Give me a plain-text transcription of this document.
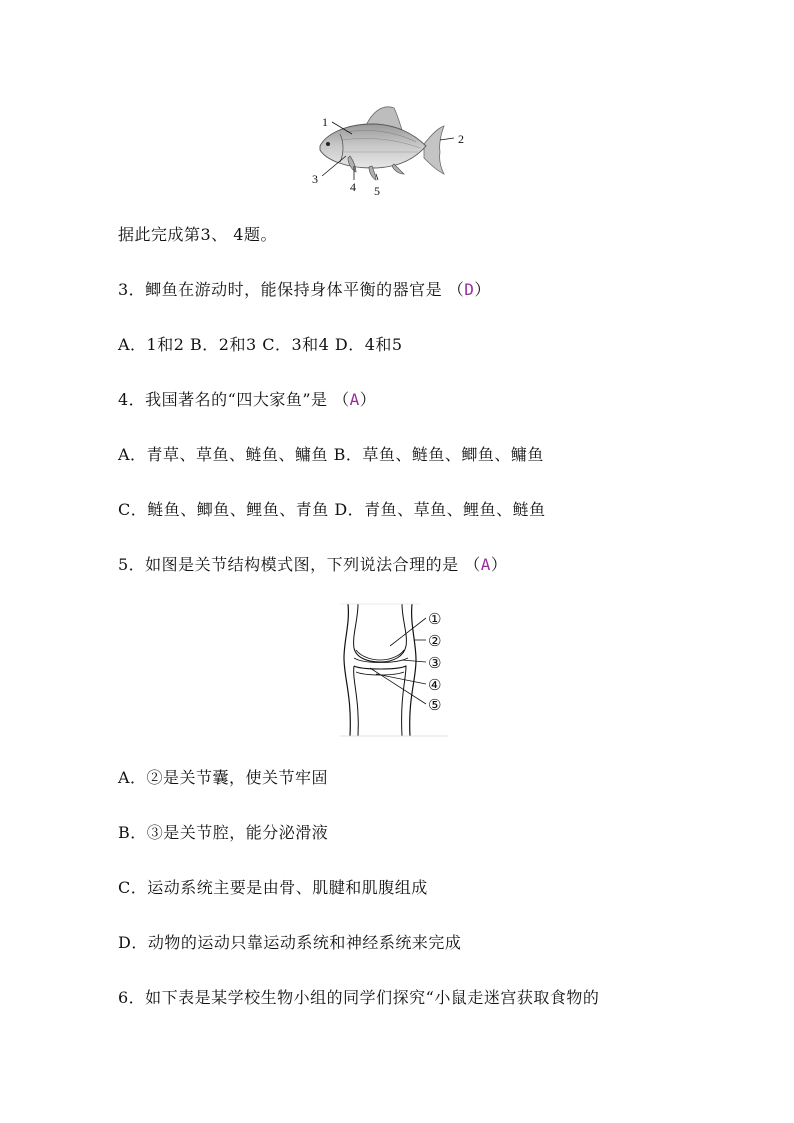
1
2
3
4 5
据此完成第3、 4题。
3．鲫鱼在游动时，能保持身体平衡的器官是 （D）
A．1和2 B．2和3 C．3和4 D．4和5
4．我国著名的“四大家鱼”是 （A）
A．青草、草鱼、鲢鱼、鳙鱼 B．草鱼、鲢鱼、鲫鱼、鳙鱼
C．鲢鱼、鲫鱼、鲤鱼、青鱼 D．青鱼、草鱼、鲤鱼、鲢鱼
5．如图是关节结构模式图，下列说法合理的是 （A）
①
②
③
④
⑤
A．②是关节囊，使关节牢固
B．③是关节腔，能分泌滑液
C．运动系统主要是由骨、肌腱和肌腹组成
D．动物的运动只靠运动系统和神经系统来完成
6．如下表是某学校生物小组的同学们探究“小鼠走迷宫获取食物的
